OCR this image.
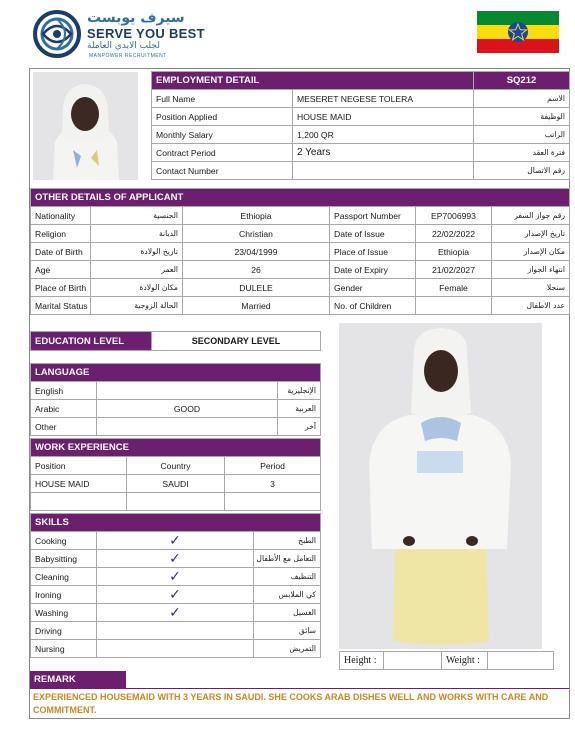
سيرف يوبست
SERVE YOU BEST
لجلب الايدي العاملة
MANPOWER RECRUITMENT
EMPLOYMENT DETAIL		SQ212
Full Name	MESERET NEGESE TOLERA	الاسم
Position Applied	HOUSE MAID	الوظيفة
Monthly Salary	1,200 QR	الراتب
Contract Period	2 Years	فترة العقد
Contact Number		رقم الاتصال
OTHER DETAILS OF APPLICANT					
Nationality	الجنسية	Ethiopia	Passport Number	EP7006993	رقم جواز السفر
Religion	الديانة	Christian	Date of Issue	22/02/2022	تاريخ الإصدار
Date of Birth	تاريخ الولادة	23/04/1999	Place of Issue	Ethiopia	مكان الإصدار
Age	العمر	26	Date of Expiry	21/02/2027	انتهاء الجواز
Place of Birth	مكان الولادة	DULELE	Gender	Female	سنجلا
Marital Status	الحالة الزوجية	Married	No. of Children		عدد الاطفال
EDUCATION LEVEL	SECONDARY LEVEL
LANGUAGE		
English		الإنجليزية
Arabic	GOOD	العربية
Other		آخر
WORK EXPERIENCE		
Position	Country	Period
HOUSE MAID	SAUDI	3

SKILLS		
Cooking	✓	الطبخ
Babysitting	✓	التعامل مع الأطفال
Cleaning	✓	التنظيف
Ironing	✓	كي الملابس
Washing	✓	الغسيل
Driving		سائق
Nursing		التمريض
Height :		Weight :	
REMARK
EXPERIENCED HOUSEMAID WITH 3 YEARS IN SAUDI. SHE COOKS ARAB DISHES WELL AND WORKS WITH CARE AND COMMITMENT.
